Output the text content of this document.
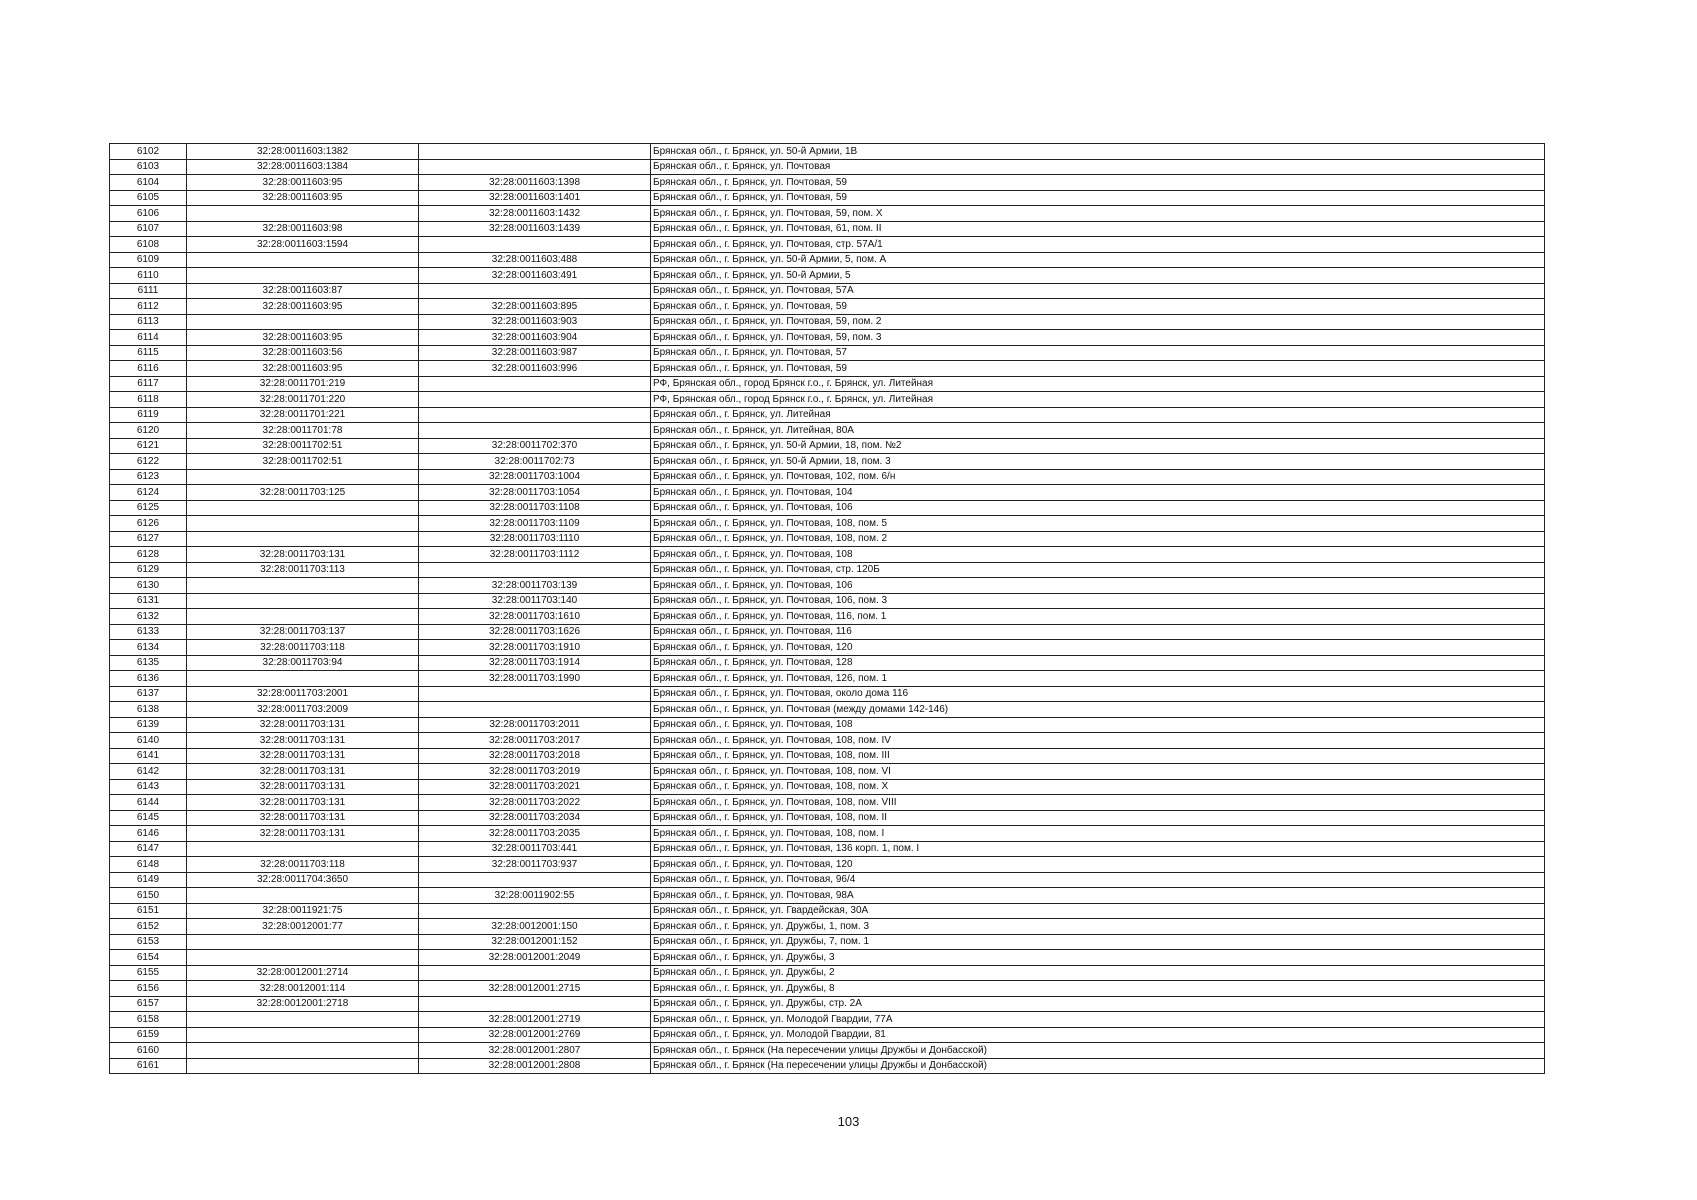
6102	32:28:0011603:1382		Брянская обл., г. Брянск, ул. 50-й Армии, 1В
6103	32:28:0011603:1384		Брянская обл., г. Брянск, ул. Почтовая
6104	32:28:0011603:95	32:28:0011603:1398	Брянская обл., г. Брянск, ул. Почтовая, 59
6105	32:28:0011603:95	32:28:0011603:1401	Брянская обл., г. Брянск, ул. Почтовая, 59
6106		32:28:0011603:1432	Брянская обл., г. Брянск, ул. Почтовая, 59, пом. X
6107	32:28:0011603:98	32:28:0011603:1439	Брянская обл., г. Брянск, ул. Почтовая, 61, пом. II
6108	32:28:0011603:1594		Брянская обл., г. Брянск, ул. Почтовая, стр. 57А/1
6109		32:28:0011603:488	Брянская обл., г. Брянск, ул. 50-й Армии, 5, пом. А
6110		32:28:0011603:491	Брянская обл., г. Брянск, ул. 50-й Армии, 5
6111	32:28:0011603:87		Брянская обл., г. Брянск, ул. Почтовая, 57А
6112	32:28:0011603:95	32:28:0011603:895	Брянская обл., г. Брянск, ул. Почтовая, 59
6113		32:28:0011603:903	Брянская обл., г. Брянск, ул. Почтовая, 59, пом. 2
6114	32:28:0011603:95	32:28:0011603:904	Брянская обл., г. Брянск, ул. Почтовая, 59, пом. 3
6115	32:28:0011603:56	32:28:0011603:987	Брянская обл., г. Брянск, ул. Почтовая, 57
6116	32:28:0011603:95	32:28:0011603:996	Брянская обл., г. Брянск, ул. Почтовая, 59
6117	32:28:0011701:219		РФ, Брянская обл., город Брянск г.о., г. Брянск, ул. Литейная
6118	32:28:0011701:220		РФ, Брянская обл., город Брянск г.о., г. Брянск, ул. Литейная
6119	32:28:0011701:221		Брянская обл., г. Брянск, ул. Литейная
6120	32:28:0011701:78		Брянская обл., г. Брянск, ул. Литейная, 80А
6121	32:28:0011702:51	32:28:0011702:370	Брянская обл., г. Брянск, ул. 50-й Армии, 18, пом. №2
6122	32:28:0011702:51	32:28:0011702:73	Брянская обл., г. Брянск, ул. 50-й Армии, 18, пом. 3
6123		32:28:0011703:1004	Брянская обл., г. Брянск, ул. Почтовая, 102, пом. 6/н
6124	32:28:0011703:125	32:28:0011703:1054	Брянская обл., г. Брянск, ул. Почтовая, 104
6125		32:28:0011703:1108	Брянская обл., г. Брянск, ул. Почтовая, 106
6126		32:28:0011703:1109	Брянская обл., г. Брянск, ул. Почтовая, 108, пом. 5
6127		32:28:0011703:1110	Брянская обл., г. Брянск, ул. Почтовая, 108, пом. 2
6128	32:28:0011703:131	32:28:0011703:1112	Брянская обл., г. Брянск, ул. Почтовая, 108
6129	32:28:0011703:113		Брянская обл., г. Брянск, ул. Почтовая, стр. 120Б
6130		32:28:0011703:139	Брянская обл., г. Брянск, ул. Почтовая, 106
6131		32:28:0011703:140	Брянская обл., г. Брянск, ул. Почтовая, 106, пом. 3
6132		32:28:0011703:1610	Брянская обл., г. Брянск, ул. Почтовая, 116, пом. 1
6133	32:28:0011703:137	32:28:0011703:1626	Брянская обл., г. Брянск, ул. Почтовая, 116
6134	32:28:0011703:118	32:28:0011703:1910	Брянская обл., г. Брянск, ул. Почтовая, 120
6135	32:28:0011703:94	32:28:0011703:1914	Брянская обл., г. Брянск, ул. Почтовая, 128
6136		32:28:0011703:1990	Брянская обл., г. Брянск, ул. Почтовая, 126, пом. 1
6137	32:28:0011703:2001		Брянская обл., г. Брянск, ул. Почтовая, около дома 116
6138	32:28:0011703:2009		Брянская обл., г. Брянск, ул. Почтовая (между домами 142-146)
6139	32:28:0011703:131	32:28:0011703:2011	Брянская обл., г. Брянск, ул. Почтовая, 108
6140	32:28:0011703:131	32:28:0011703:2017	Брянская обл., г. Брянск, ул. Почтовая, 108, пом. IV
6141	32:28:0011703:131	32:28:0011703:2018	Брянская обл., г. Брянск, ул. Почтовая, 108, пом. III
6142	32:28:0011703:131	32:28:0011703:2019	Брянская обл., г. Брянск, ул. Почтовая, 108, пом. VI
6143	32:28:0011703:131	32:28:0011703:2021	Брянская обл., г. Брянск, ул. Почтовая, 108, пом. X
6144	32:28:0011703:131	32:28:0011703:2022	Брянская обл., г. Брянск, ул. Почтовая, 108, пом. VIII
6145	32:28:0011703:131	32:28:0011703:2034	Брянская обл., г. Брянск, ул. Почтовая, 108, пом. II
6146	32:28:0011703:131	32:28:0011703:2035	Брянская обл., г. Брянск, ул. Почтовая, 108, пом. I
6147		32:28:0011703:441	Брянская обл., г. Брянск, ул. Почтовая, 136 корп. 1, пом. I
6148	32:28:0011703:118	32:28:0011703:937	Брянская обл., г. Брянск, ул. Почтовая, 120
6149	32:28:0011704:3650		Брянская обл., г. Брянск, ул. Почтовая, 96/4
6150		32:28:0011902:55	Брянская обл., г. Брянск, ул. Почтовая, 98А
6151	32:28:0011921:75		Брянская обл., г. Брянск, ул. Гвардейская, 30А
6152	32:28:0012001:77	32:28:0012001:150	Брянская обл., г. Брянск, ул. Дружбы, 1, пом. 3
6153		32:28:0012001:152	Брянская обл., г. Брянск, ул. Дружбы, 7, пом. 1
6154		32:28:0012001:2049	Брянская обл., г. Брянск, ул. Дружбы, 3
6155	32:28:0012001:2714		Брянская обл., г. Брянск, ул. Дружбы, 2
6156	32:28:0012001:114	32:28:0012001:2715	Брянская обл., г. Брянск, ул. Дружбы, 8
6157	32:28:0012001:2718		Брянская обл., г. Брянск, ул. Дружбы, стр. 2А
6158		32:28:0012001:2719	Брянская обл., г. Брянск, ул. Молодой Гвардии, 77А
6159		32:28:0012001:2769	Брянская обл., г. Брянск, ул. Молодой Гвардии, 81
6160		32:28:0012001:2807	Брянская обл., г. Брянск (На пересечении улицы Дружбы и Донбасской)
6161		32:28:0012001:2808	Брянская обл., г. Брянск (На пересечении улицы Дружбы и Донбасской)
103
